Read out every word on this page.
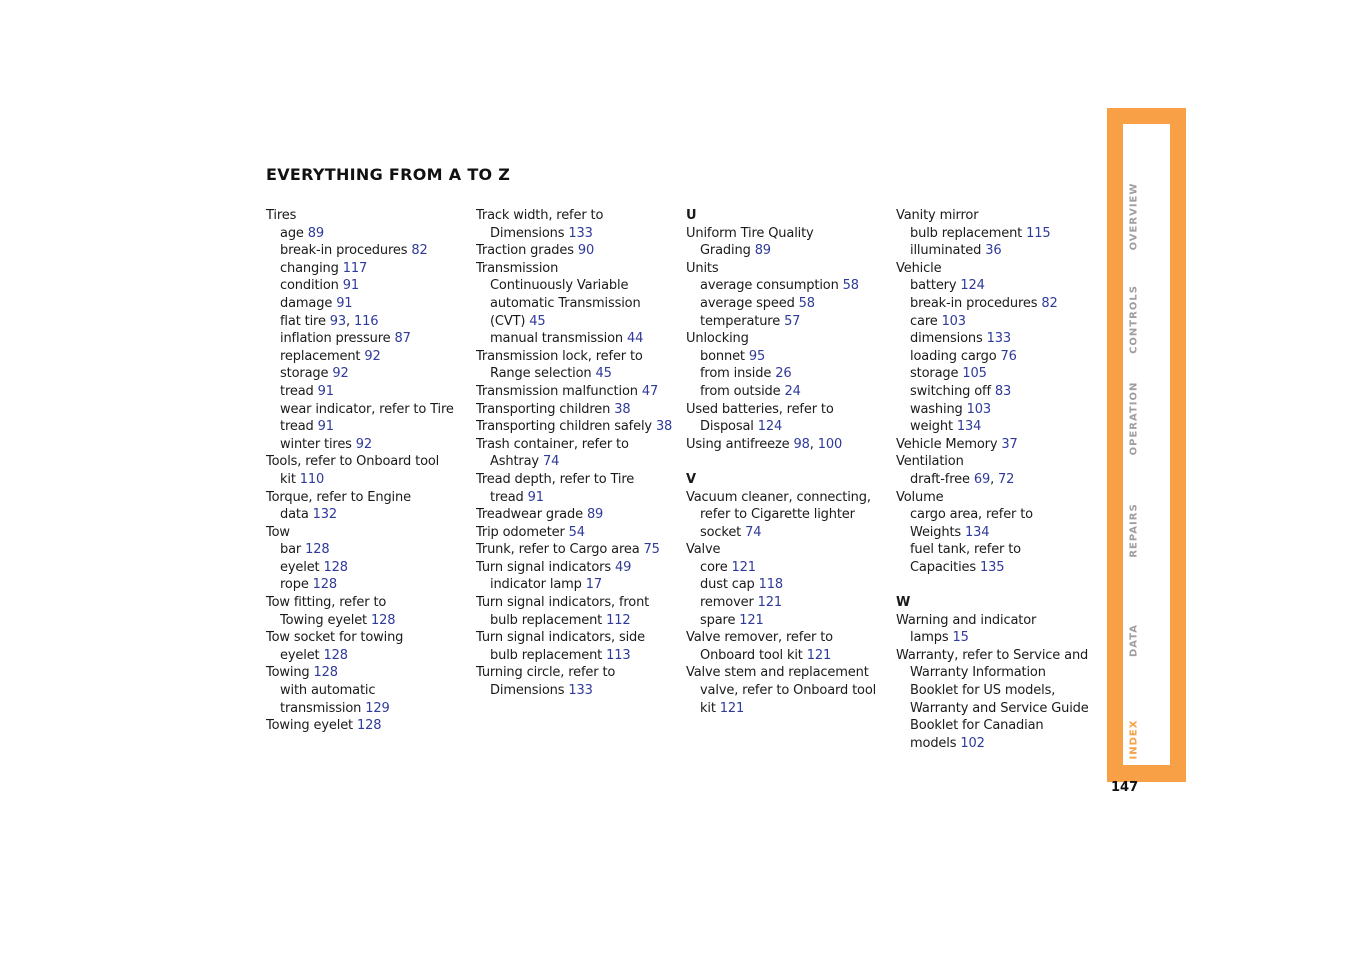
EVERYTHING FROM A TO Z
Tires
age 89
break-in procedures 82
changing 117
condition 91
damage 91
flat tire 93, 116
inflation pressure 87
replacement 92
storage 92
tread 91
wear indicator, refer to Tire
tread 91
winter tires 92
Tools, refer to Onboard tool
kit 110
Torque, refer to Engine
data 132
Tow
bar 128
eyelet 128
rope 128
Tow fitting, refer to
Towing eyelet 128
Tow socket for towing
eyelet 128
Towing 128
with automatic
transmission 129
Towing eyelet 128
Track width, refer to
Dimensions 133
Traction grades 90
Transmission
Continuously Variable
automatic Transmission
(CVT) 45
manual transmission 44
Transmission lock, refer to
Range selection 45
Transmission malfunction 47
Transporting children 38
Transporting children safely 38
Trash container, refer to
Ashtray 74
Tread depth, refer to Tire
tread 91
Treadwear grade 89
Trip odometer 54
Trunk, refer to Cargo area 75
Turn signal indicators 49
indicator lamp 17
Turn signal indicators, front
bulb replacement 112
Turn signal indicators, side
bulb replacement 113
Turning circle, refer to
Dimensions 133
U
Uniform Tire Quality
Grading 89
Units
average consumption 58
average speed 58
temperature 57
Unlocking
bonnet 95
from inside 26
from outside 24
Used batteries, refer to
Disposal 124
Using antifreeze 98, 100
V
Vacuum cleaner, connecting,
refer to Cigarette lighter
socket 74
Valve
core 121
dust cap 118
remover 121
spare 121
Valve remover, refer to
Onboard tool kit 121
Valve stem and replacement
valve, refer to Onboard tool
kit 121
Vanity mirror
bulb replacement 115
illuminated 36
Vehicle
battery 124
break-in procedures 82
care 103
dimensions 133
loading cargo 76
storage 105
switching off 83
washing 103
weight 134
Vehicle Memory 37
Ventilation
draft-free 69, 72
Volume
cargo area, refer to
Weights 134
fuel tank, refer to
Capacities 135
W
Warning and indicator
lamps 15
Warranty, refer to Service and
Warranty Information
Booklet for US models,
Warranty and Service Guide
Booklet for Canadian
models 102
OVERVIEW
CONTROLS
OPERATION
REPAIRS
DATA
INDEX
147
